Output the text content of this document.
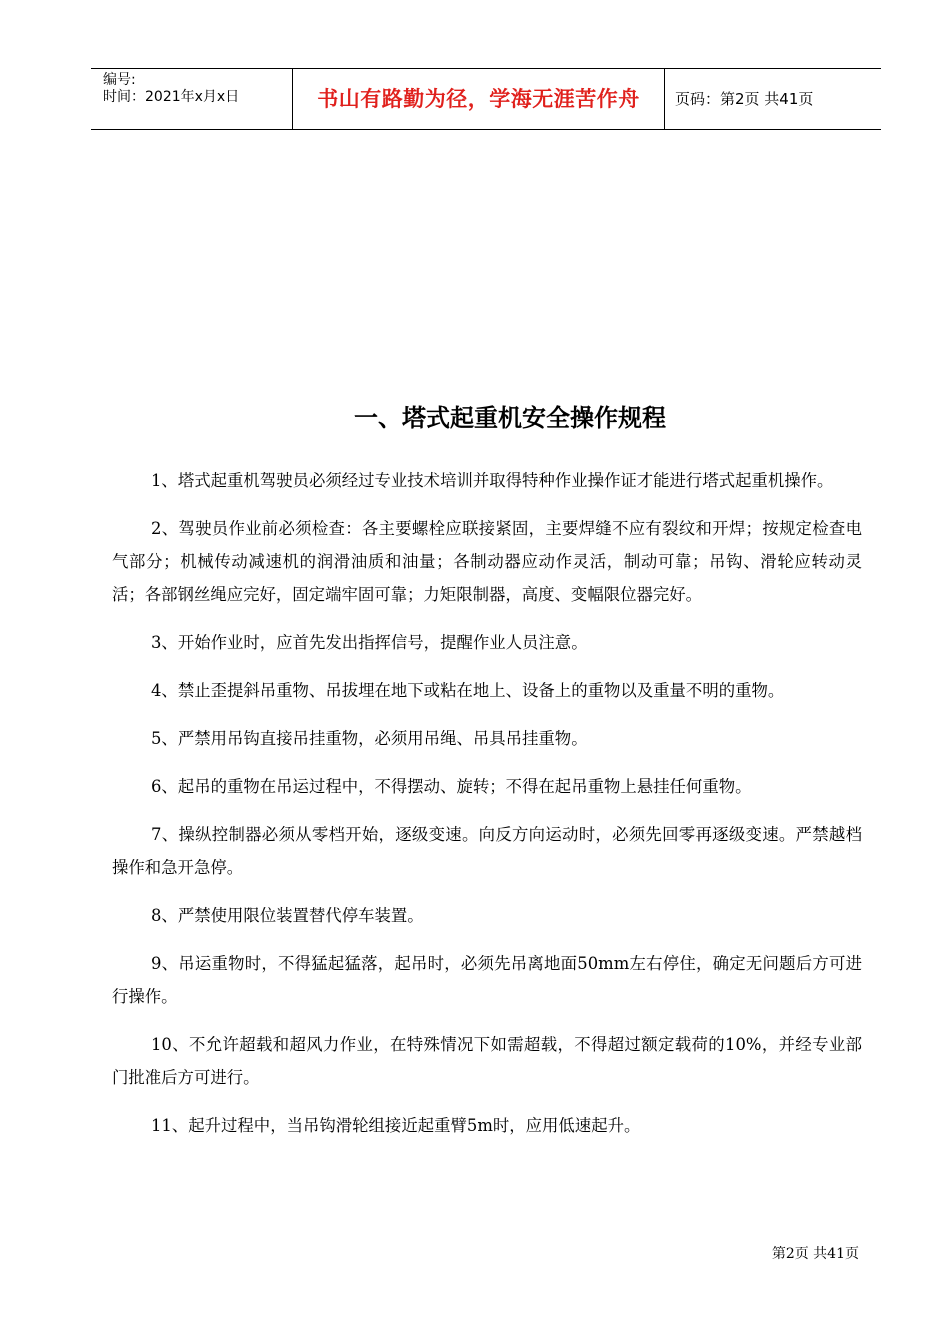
编号:
时间：2021年x月x日	书山有路勤为径，学海无涯苦作舟	页码：第2页 共41页
一、塔式起重机安全操作规程

1、塔式起重机驾驶员必须经过专业技术培训并取得特种作业操作证才能进行塔式起重机操作。

2、驾驶员作业前必须检查：各主要螺栓应联接紧固，主要焊缝不应有裂纹和开焊；按规定检查电气部分；机械传动减速机的润滑油质和油量；各制动器应动作灵活，制动可靠；吊钩、滑轮应转动灵活；各部钢丝绳应完好，固定端牢固可靠；力矩限制器，高度、变幅限位器完好。

3、开始作业时，应首先发出指挥信号，提醒作业人员注意。

4、禁止歪提斜吊重物、吊拔埋在地下或粘在地上、设备上的重物以及重量不明的重物。

5、严禁用吊钩直接吊挂重物，必须用吊绳、吊具吊挂重物。

6、起吊的重物在吊运过程中，不得摆动、旋转；不得在起吊重物上悬挂任何重物。

7、操纵控制器必须从零档开始，逐级变速。向反方向运动时，必须先回零再逐级变速。严禁越档操作和急开急停。

8、严禁使用限位装置替代停车装置。

9、吊运重物时，不得猛起猛落，起吊时，必须先吊离地面50mm左右停住，确定无问题后方可进行操作。

10、不允许超载和超风力作业，在特殊情况下如需超载，不得超过额定载荷的10%，并经专业部门批准后方可进行。

11、起升过程中，当吊钩滑轮组接近起重臂5m时，应用低速起升。

第2页 共41页
